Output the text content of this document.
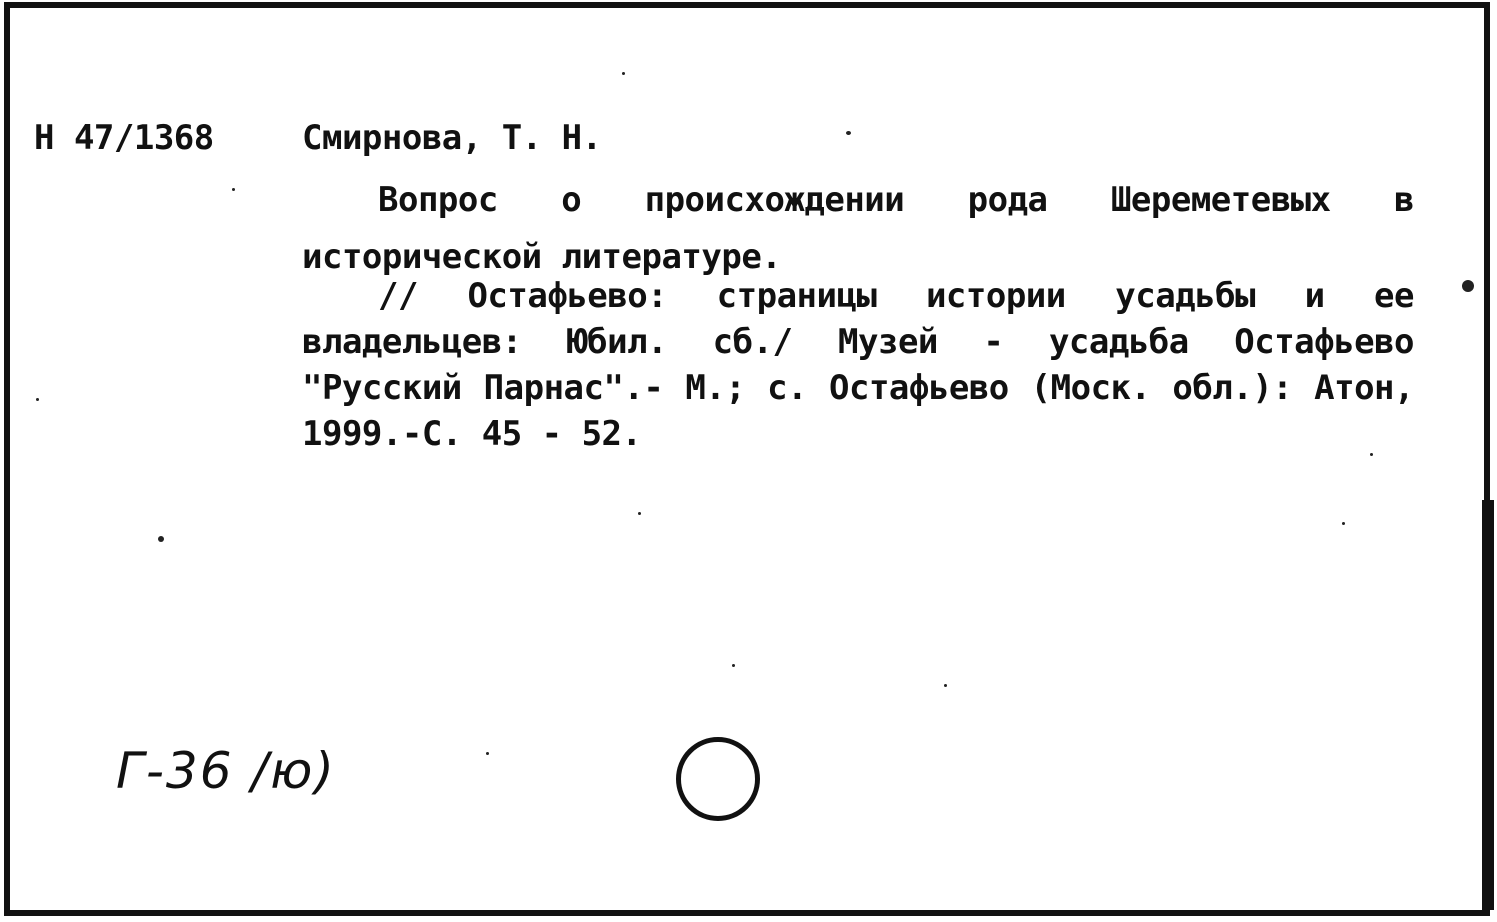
Н 47/1368	Смирнова, Т. Н.

Вопрос о происхождении рода Шереметевых в исторической литературе.

// Остафьево: страницы истории усадьбы и ее владельцев: Юбил. сб./ Музей - усадьба Остафьево "Русский Парнас".- М.; с. Остафьево (Моск. обл.): Атон, 1999.-С. 45 - 52.

Г-36 /ю)
